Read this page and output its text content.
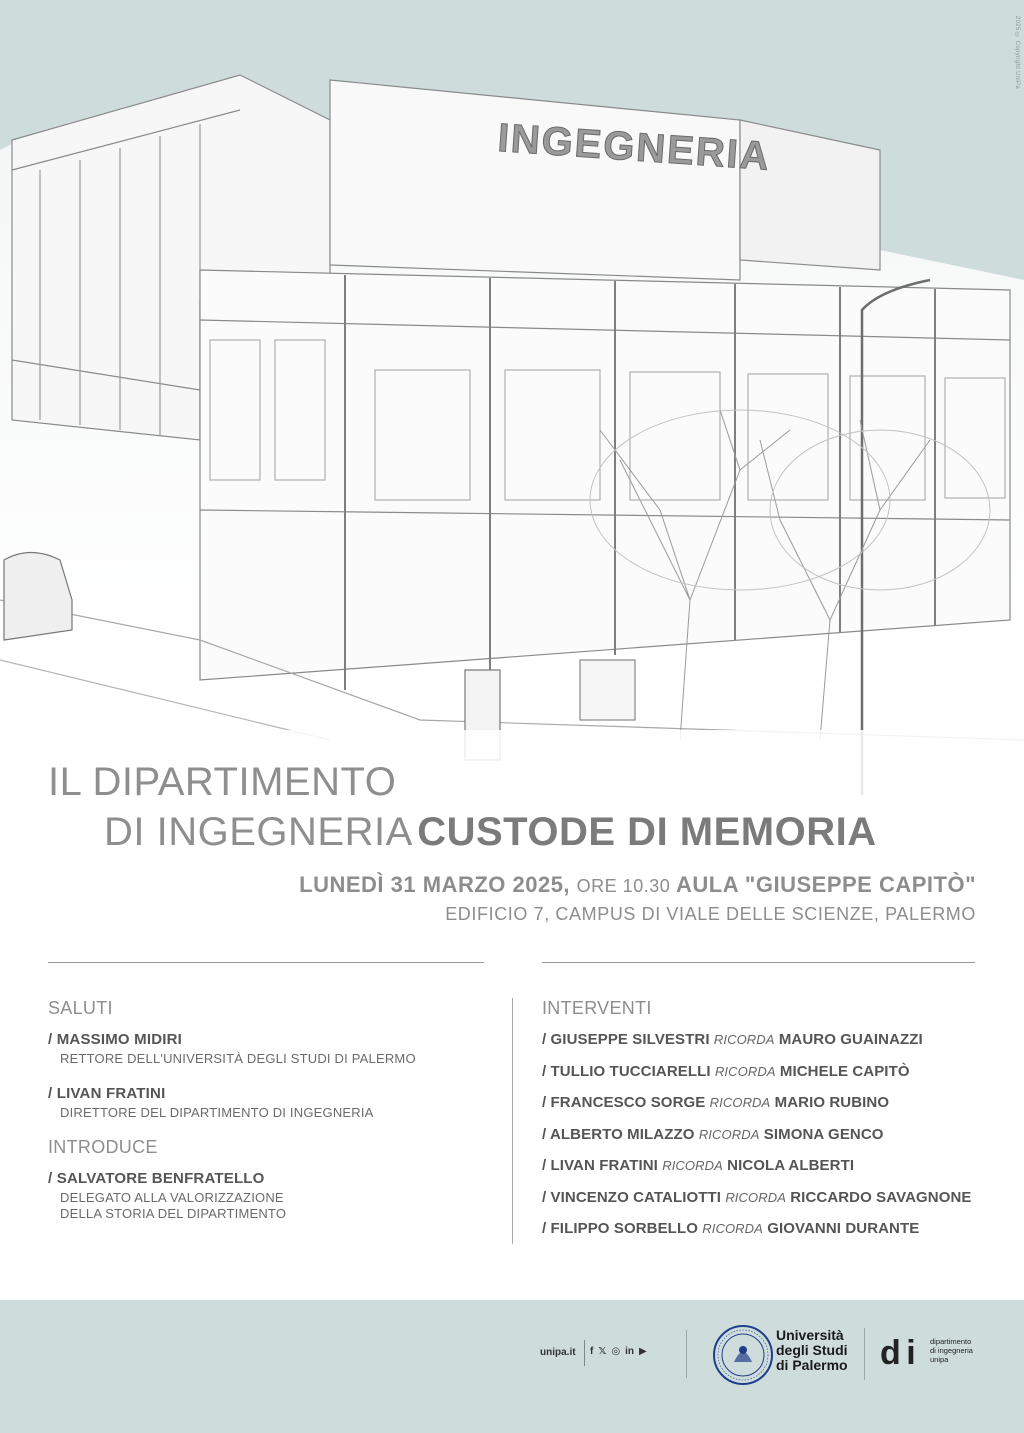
2025 © Copyright UniPa
INGEGNERIA
IL DIPARTIMENTO
DI INGEGNERIA CUSTODE DI MEMORIA
LUNEDÌ 31 MARZO 2025, ORE 10.30 AULA "GIUSEPPE CAPITÒ"
EDIFICIO 7, CAMPUS DI VIALE DELLE SCIENZE, PALERMO
SALUTI
/ MASSIMO MIDIRI
RETTORE DELL'UNIVERSITÀ DEGLI STUDI DI PALERMO
/ LIVAN FRATINI
DIRETTORE DEL DIPARTIMENTO DI INGEGNERIA
INTRODUCE
/ SALVATORE BENFRATELLO
DELEGATO ALLA VALORIZZAZIONE
DELLA STORIA DEL DIPARTIMENTO
INTERVENTI
/ GIUSEPPE SILVESTRI RICORDA MAURO GUAINAZZI
/ TULLIO TUCCIARELLI RICORDA MICHELE CAPITÒ
/ FRANCESCO SORGE RICORDA MARIO RUBINO
/ ALBERTO MILAZZO RICORDA SIMONA GENCO
/ LIVAN FRATINI RICORDA NICOLA ALBERTI
/ VINCENZO CATALIOTTI RICORDA RICCARDO SAVAGNONE
/ FILIPPO SORBELLO RICORDA GIOVANNI DURANTE
unipa.it f 𝕏 ◎ in ▶
Università
degli Studi
di Palermo d i dipartimento
di ingegneria
unipa
